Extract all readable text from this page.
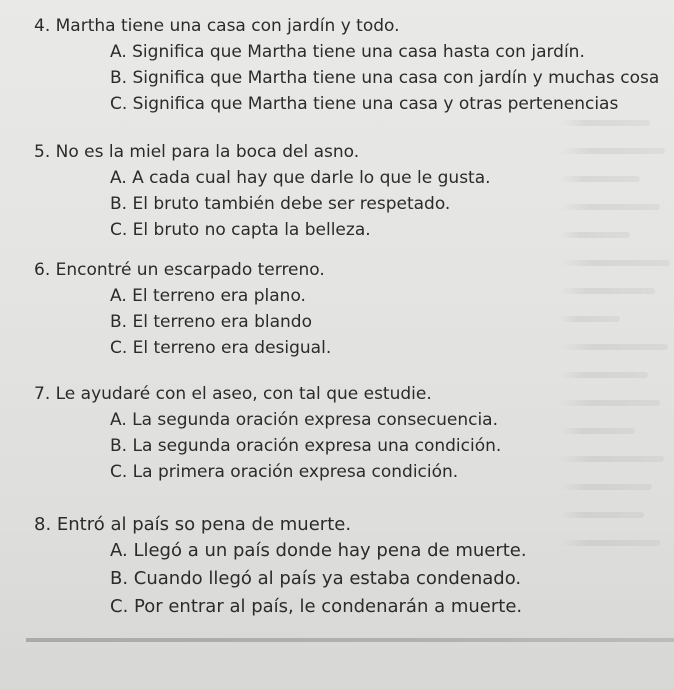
4. Martha tiene una casa con jardín y todo.
A. Significa que Martha tiene una casa hasta con jardín.
B. Significa que Martha tiene una casa con jardín y muchas cosa
C. Significa que Martha tiene una casa y otras pertenencias
5. No es la miel para la boca del asno.
A. A cada cual hay que darle lo que le gusta.
B. El bruto también debe ser respetado.
C. El bruto no capta la belleza.
6. Encontré un escarpado terreno.
A. El terreno era plano.
B. El terreno era blando
C. El terreno era desigual.
7. Le ayudaré con el aseo, con tal que estudie.
A. La segunda oración expresa consecuencia.
B. La segunda oración expresa una condición.
C. La primera oración expresa condición.
8. Entró al país so pena de muerte.
A. Llegó a un país donde hay pena de muerte.
B. Cuando llegó al país ya estaba condenado.
C. Por entrar al país, le condenarán a muerte.
